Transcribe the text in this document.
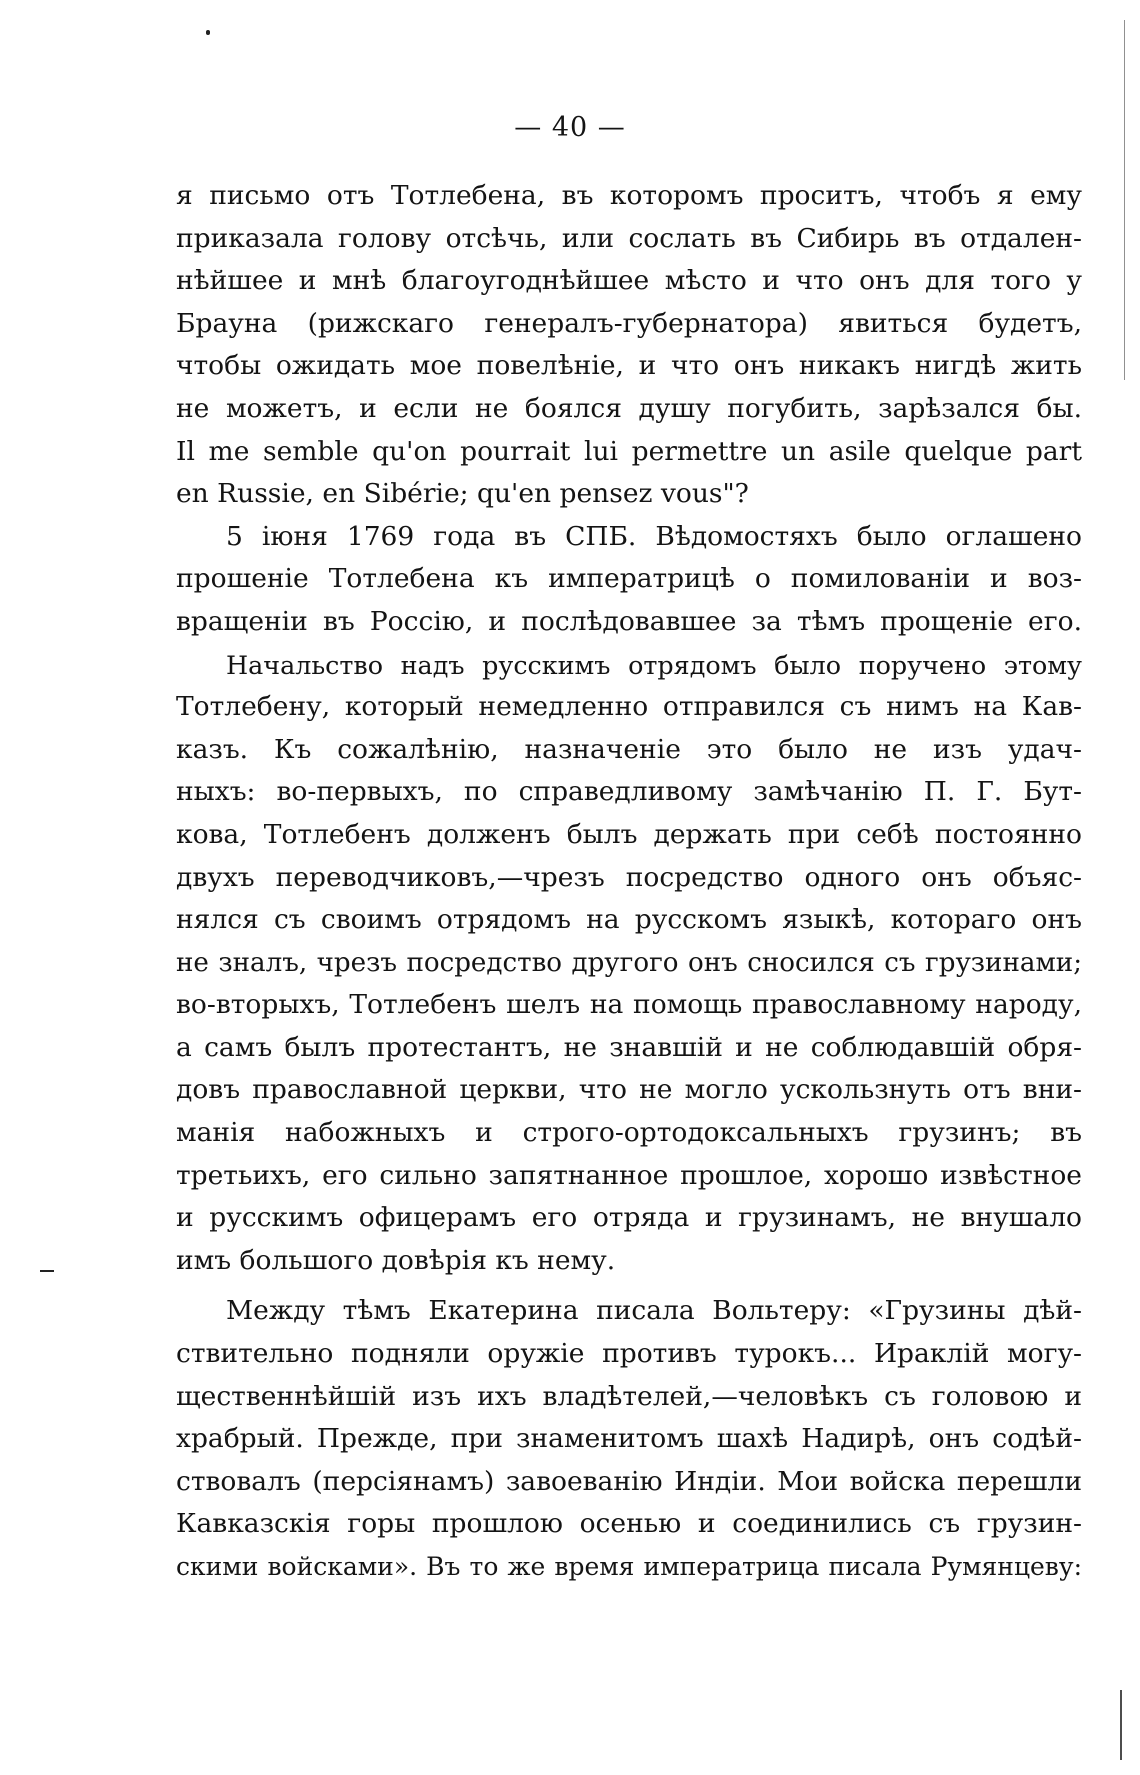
— 40 —
я письмо отъ Тотлебена, въ которомъ проситъ, чтобъ я ему
приказала голову отсѣчь, или сослать въ Сибирь въ отдален-
нѣйшее и мнѣ благоугоднѣйшее мѣсто и что онъ для того у
Брауна (рижскаго генералъ-губернатора) явиться будетъ,
чтобы ожидать мое повелѣніе, и что онъ никакъ нигдѣ жить
не можетъ, и если не боялся душу погубить, зарѣзался бы.
Il me semble qu'on pourrait lui permettre un asile quelque part
en Russie, en Sibérie; qu'en pensez vous"?
5 іюня 1769 года въ СПБ. Вѣдомостяхъ было оглашено
прошеніе Тотлебена къ императрицѣ о помилованіи и воз-
вращеніи въ Россію, и послѣдовавшее за тѣмъ прощеніе его.
Начальство надъ русскимъ отрядомъ было поручено этому
Тотлебену, который немедленно отправился съ нимъ на Кав-
казъ. Къ сожалѣнію, назначеніе это было не изъ удач-
ныхъ: во-первыхъ, по справедливому замѣчанію П. Г. Бут-
кова, Тотлебенъ долженъ былъ держать при себѣ постоянно
двухъ переводчиковъ,—чрезъ посредство одного онъ объяс-
нялся съ своимъ отрядомъ на русскомъ языкѣ, котораго онъ
не зналъ, чрезъ посредство другого онъ сносился съ грузинами;
во-вторыхъ, Тотлебенъ шелъ на помощь православному народу,
а самъ былъ протестантъ, не знавшій и не соблюдавшій обря-
довъ православной церкви, что не могло ускользнуть отъ вни-
манія набожныхъ и строго-ортодоксальныхъ грузинъ; въ
третьихъ, его сильно запятнанное прошлое, хорошо извѣстное
и русскимъ офицерамъ его отряда и грузинамъ, не внушало
имъ большого довѣрія къ нему.
Между тѣмъ Екатерина писала Вольтеру: «Грузины дѣй-
ствительно подняли оружіе противъ турокъ... Ираклій могу-
щественнѣйшій изъ ихъ владѣтелей,—человѣкъ съ головою и
храбрый. Прежде, при знаменитомъ шахѣ Надирѣ, онъ содѣй-
ствовалъ (персіянамъ) завоеванію Индіи. Мои войска перешли
Кавказскія горы прошлою осенью и соединились съ грузин-
скими войсками». Въ то же время императрица писала Румянцеву:
